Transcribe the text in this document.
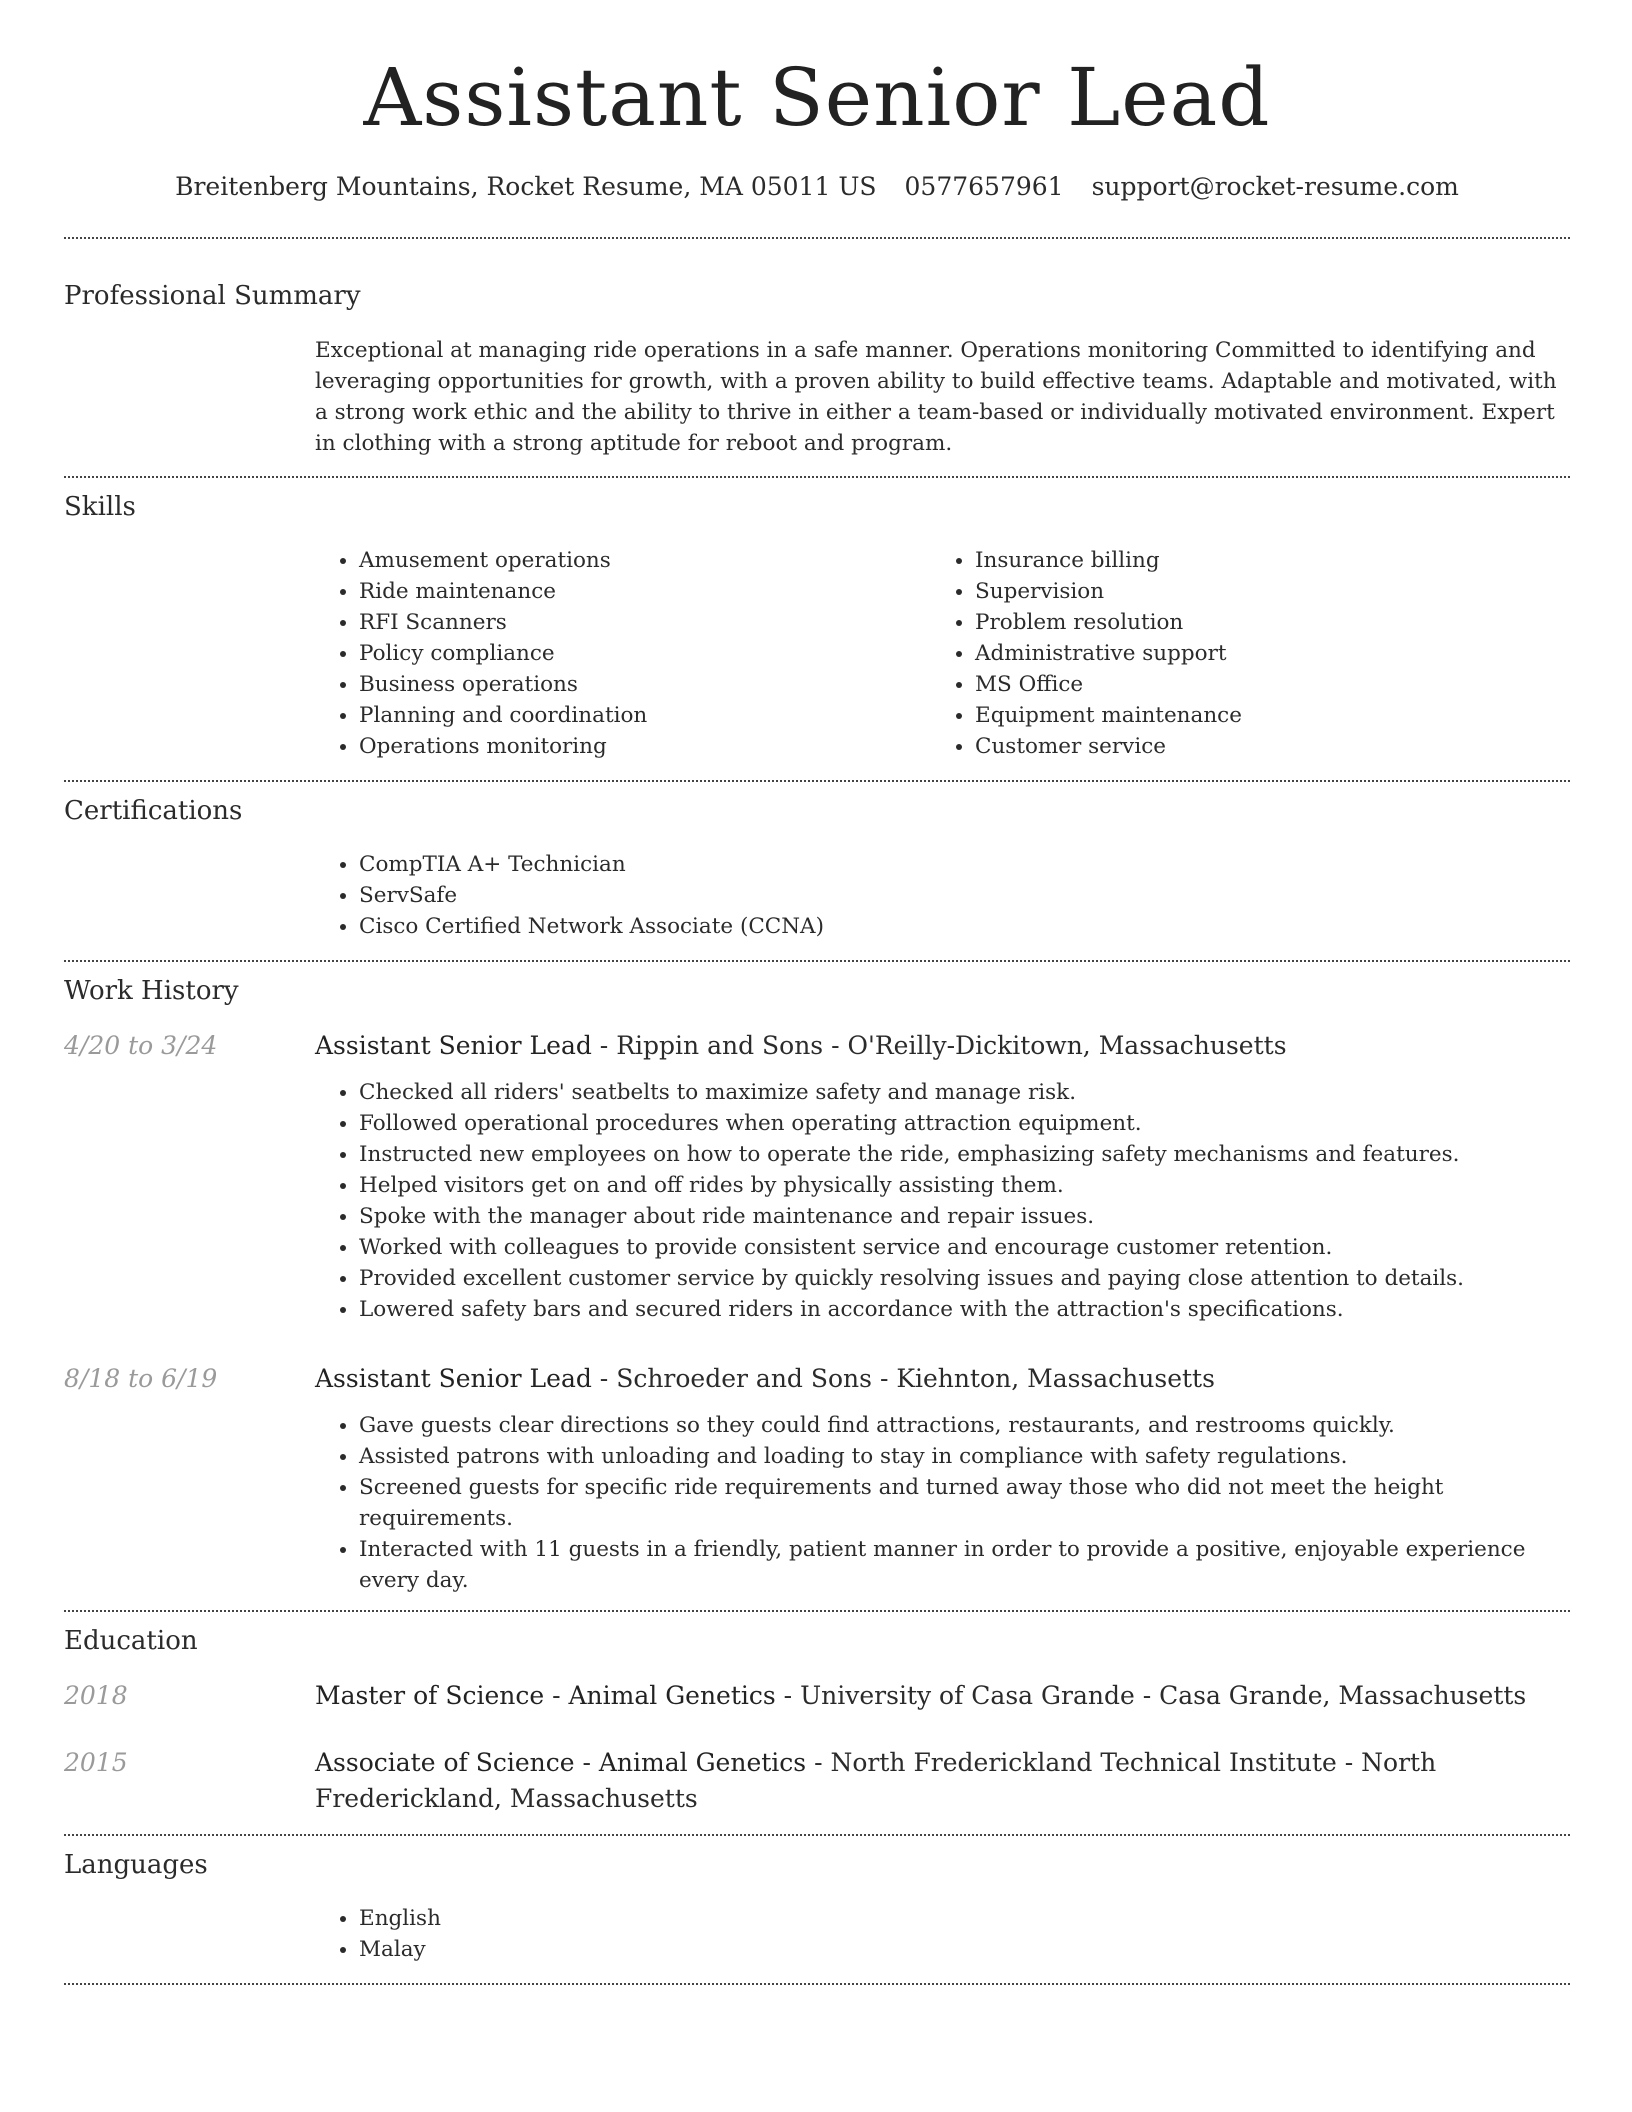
Assistant Senior Lead
Breitenberg Mountains, Rocket Resume, MA 05011 US 0577657961 support@rocket-resume.com
Professional Summary
Exceptional at managing ride operations in a safe manner. Operations monitoring Committed to identifying and leveraging opportunities for growth, with a proven ability to build effective teams. Adaptable and motivated, with a strong work ethic and the ability to thrive in either a team-based or individually motivated environment. Expert in clothing with a strong aptitude for reboot and program.
Skills
• Amusement operations
• Ride maintenance
• RFI Scanners
• Policy compliance
• Business operations
• Planning and coordination
• Operations monitoring
• Insurance billing
• Supervision
• Problem resolution
• Administrative support
• MS Office
• Equipment maintenance
• Customer service
Certifications
• CompTIA A+ Technician
• ServSafe
• Cisco Certified Network Associate (CCNA)
Work History
4/20 to 3/24	Assistant Senior Lead - Rippin and Sons - O'Reilly-Dickitown, Massachusetts
• Checked all riders' seatbelts to maximize safety and manage risk.
• Followed operational procedures when operating attraction equipment.
• Instructed new employees on how to operate the ride, emphasizing safety mechanisms and features.
• Helped visitors get on and off rides by physically assisting them.
• Spoke with the manager about ride maintenance and repair issues.
• Worked with colleagues to provide consistent service and encourage customer retention.
• Provided excellent customer service by quickly resolving issues and paying close attention to details.
• Lowered safety bars and secured riders in accordance with the attraction's specifications.
8/18 to 6/19	Assistant Senior Lead - Schroeder and Sons - Kiehnton, Massachusetts
• Gave guests clear directions so they could find attractions, restaurants, and restrooms quickly.
• Assisted patrons with unloading and loading to stay in compliance with safety regulations.
• Screened guests for specific ride requirements and turned away those who did not meet the height requirements.
• Interacted with 11 guests in a friendly, patient manner in order to provide a positive, enjoyable experience every day.
Education
2018	Master of Science - Animal Genetics - University of Casa Grande - Casa Grande, Massachusetts
2015	Associate of Science - Animal Genetics - North Frederickland Technical Institute - North Frederickland, Massachusetts
Languages
• English
• Malay
